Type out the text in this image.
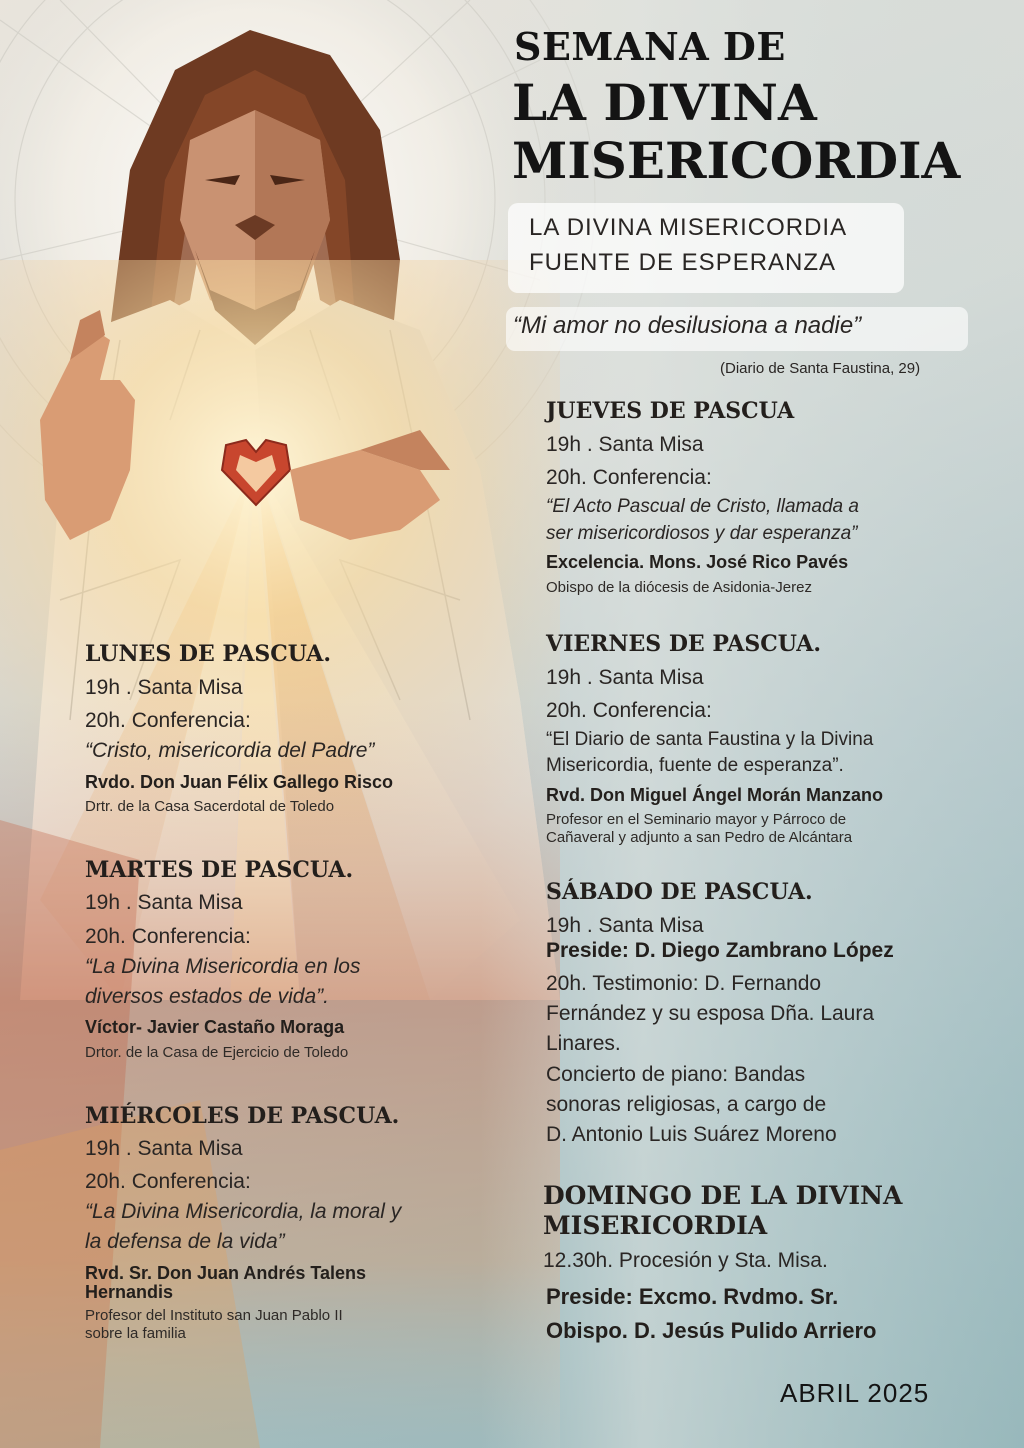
SEMANA DE
LA DIVINA
MISERICORDIA
LA DIVINA MISERICORDIA
FUENTE DE ESPERANZA
“Mi amor no desilusiona a nadie”
(Diario de Santa Faustina, 29)
LUNES DE PASCUA.
19h . Santa Misa
20h. Conferencia:
“Cristo, misericordia del Padre”
Rvdo. Don Juan Félix Gallego Risco
Drtr. de la Casa Sacerdotal de Toledo
MARTES DE PASCUA.
19h . Santa Misa
20h. Conferencia:
“La Divina Misericordia en los
diversos estados de vida”.
Víctor- Javier Castaño Moraga
Drtor. de la Casa de Ejercicio de Toledo
MIÉRCOLES DE PASCUA.
19h . Santa Misa
20h. Conferencia:
“La Divina Misericordia, la moral y
la defensa de la vida”
Rvd. Sr. Don Juan Andrés Talens
Hernandis
Profesor del Instituto san Juan Pablo II
sobre la familia
JUEVES DE PASCUA
19h . Santa Misa
20h. Conferencia:
“El Acto Pascual de Cristo, llamada a
ser misericordiosos y dar esperanza”
Excelencia. Mons. José Rico Pavés
Obispo de la diócesis de Asidonia-Jerez
VIERNES DE PASCUA.
19h . Santa Misa
20h. Conferencia:
“El Diario de santa Faustina y la Divina
Misericordia, fuente de esperanza”.
Rvd. Don Miguel Ángel Morán Manzano
Profesor en el Seminario mayor y Párroco de
Cañaveral y adjunto a san Pedro de Alcántara
SÁBADO DE PASCUA.
19h . Santa Misa
Preside: D. Diego Zambrano López
20h. Testimonio: D. Fernando
Fernández y su esposa Dña. Laura
Linares.
Concierto de piano: Bandas
sonoras religiosas, a cargo de
D. Antonio Luis Suárez Moreno
DOMINGO DE LA DIVINA
MISERICORDIA
12.30h. Procesión y Sta. Misa.
Preside: Excmo. Rvdmo. Sr.
Obispo. D. Jesús Pulido Arriero
ABRIL 2025
